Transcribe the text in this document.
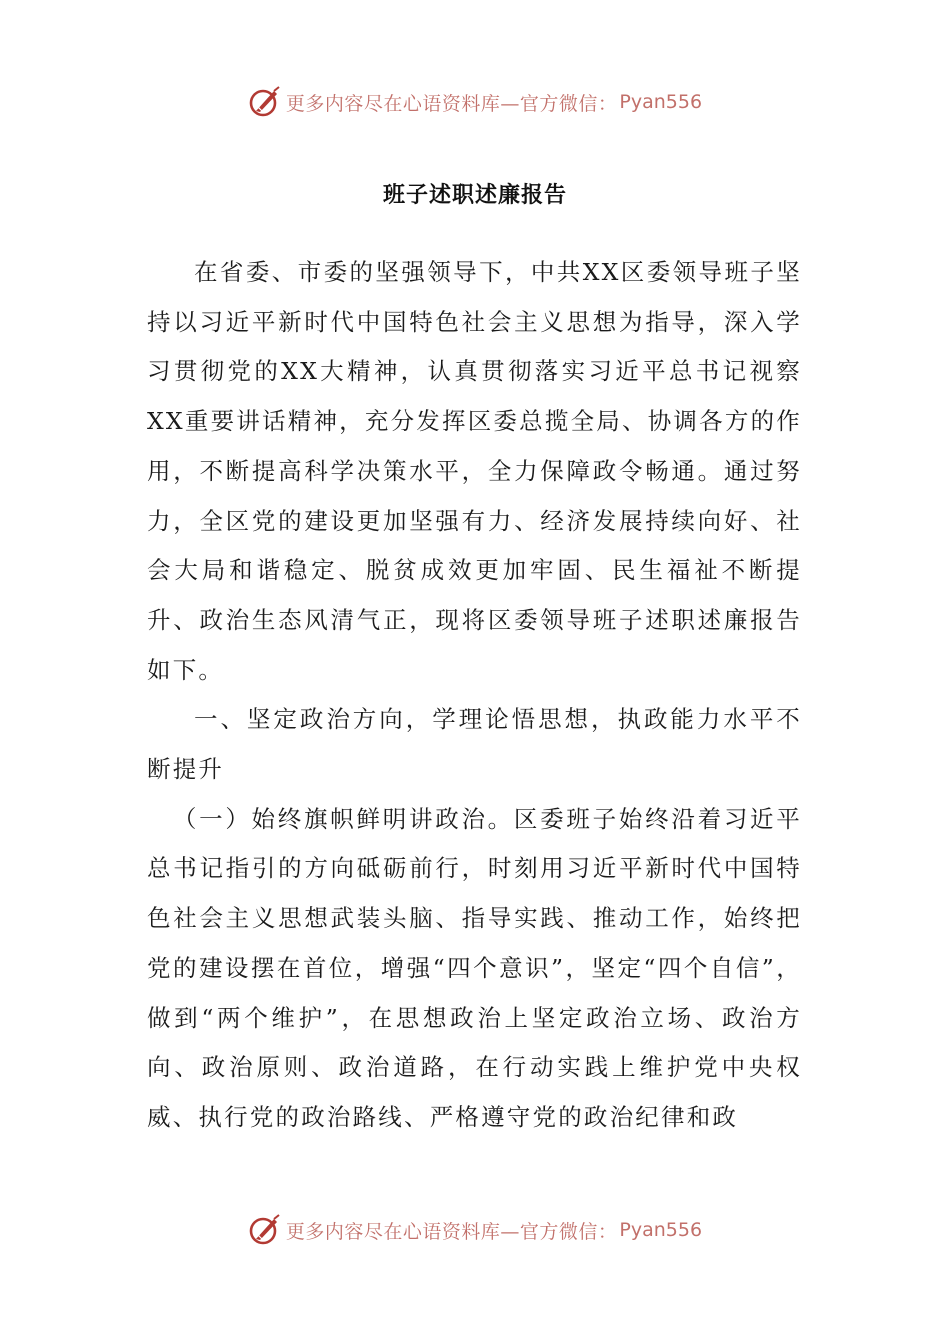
更多内容尽在心语资料库—官方微信： Pyan556
班子述职述廉报告

在省委、市委的坚强领导下，中共XX区委领导班子坚持以习近平新时代中国特色社会主义思想为指导，深入学习贯彻党的XX大精神，认真贯彻落实习近平总书记视察XX重要讲话精神，充分发挥区委总揽全局、协调各方的作用，不断提高科学决策水平，全力保障政令畅通。通过努力，全区党的建设更加坚强有力、经济发展持续向好、社会大局和谐稳定、脱贫成效更加牢固、民生福祉不断提升、政治生态风清气正，现将区委领导班子述职述廉报告如下。

一、坚定政治方向，学理论悟思想，执政能力水平不断提升

（一）始终旗帜鲜明讲政治。区委班子始终沿着习近平总书记指引的方向砥砺前行，时刻用习近平新时代中国特色社会主义思想武装头脑、指导实践、推动工作，始终把党的建设摆在首位，增强“四个意识”，坚定“四个自信”，做到“两个维护”，在思想政治上坚定政治立场、政治方向、政治原则、政治道路，在行动实践上维护党中央权威、执行党的政治路线、严格遵守党的政治纪律和政

更多内容尽在心语资料库—官方微信： Pyan556
